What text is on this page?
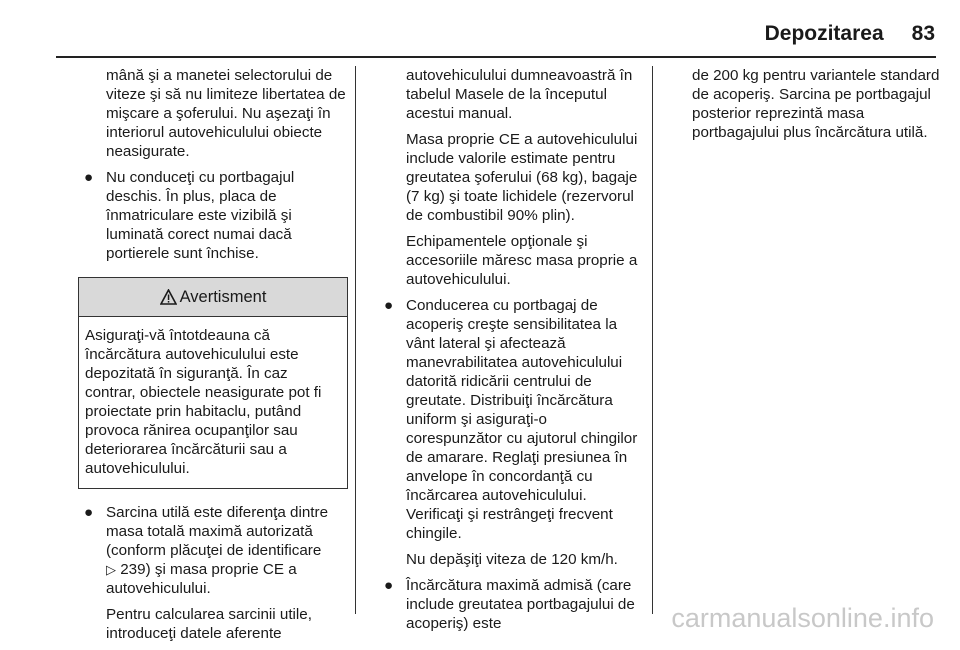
Depozitarea 83

mână şi a manetei selectorului de viteze şi să nu limiteze libertatea de mişcare a şoferului. Nu aşezaţi în interiorul autovehiculului obiecte neasigurate.

● Nu conduceţi cu portbagajul deschis. În plus, placa de înmatriculare este vizibilă şi luminată corect numai dacă portierele sunt închise.

Avertisment
Asiguraţi-vă întotdeauna că încărcătura autovehiculului este depozitată în siguranţă. În caz contrar, obiectele neasigurate pot fi proiectate prin habitaclu, putând provoca rănirea ocupanţilor sau deteriorarea încărcăturii sau a autovehiculului.
● Sarcina utilă este diferenţa dintre masa totală maximă autorizată (conform plăcuţei de identificare
▷ 239) şi masa proprie CE a autovehiculului.

Pentru calcularea sarcinii utile, introduceţi datele aferente

autovehiculului dumneavoastră în tabelul Masele de la începutul acestui manual.

Masa proprie CE a autovehiculului include valorile estimate pentru greutatea şoferului (68 kg), bagaje (7 kg) şi toate lichidele (rezervorul de combustibil 90% plin).

Echipamentele opţionale şi accesoriile măresc masa proprie a autovehiculului.

● Conducerea cu portbagaj de acoperiş creşte sensibilitatea la vânt lateral şi afectează manevrabilitatea autovehiculului datorită ridicării centrului de greutate. Distribuiţi încărcătura uniform şi asiguraţi-o corespunzător cu ajutorul chingilor de amarare. Reglaţi presiunea în anvelope în concordanţă cu încărcarea autovehiculului. Verificaţi şi restrângeţi frecvent chingile.

Nu depăşiţi viteza de 120 km/h.

● Încărcătura maximă admisă (care include greutatea portbagajului de acoperiş) este

de 200 kg pentru variantele standard de acoperiş. Sarcina pe portbagajul posterior reprezintă masa portbagajului plus încărcătura utilă.

carmanualsonline.info
